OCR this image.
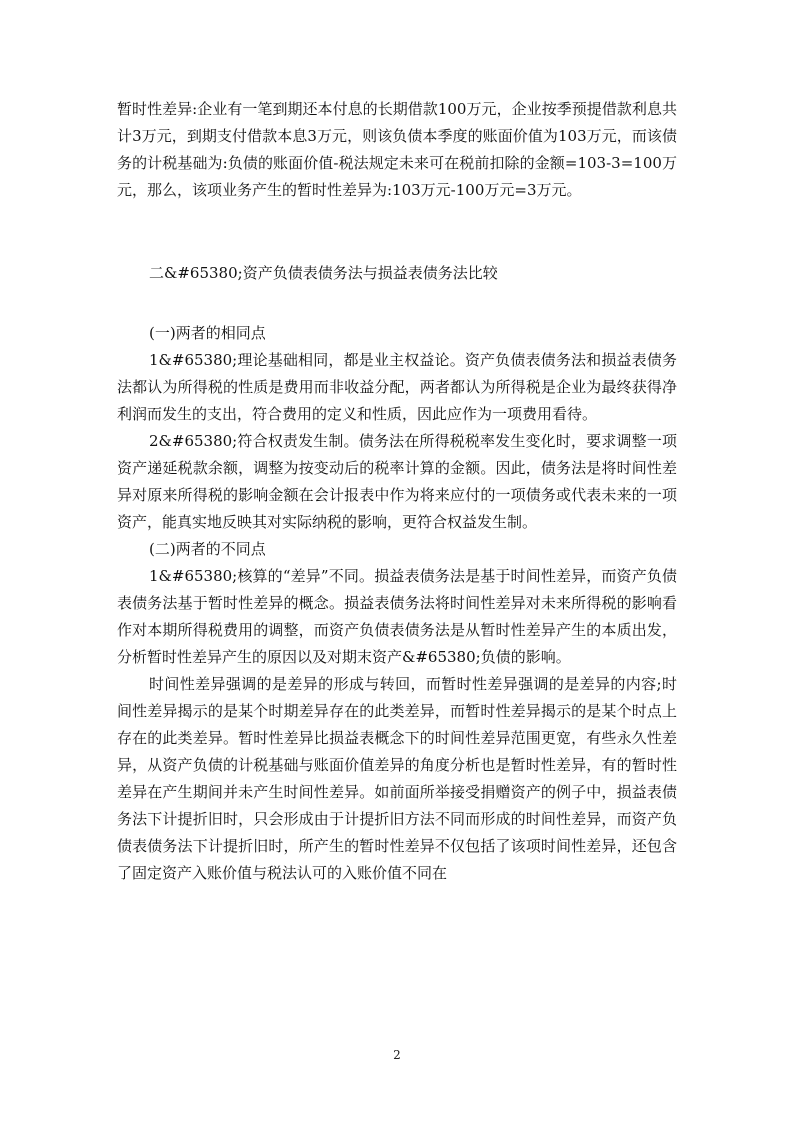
暂时性差异:企业有一笔到期还本付息的长期借款100万元，企业按季预提借款利息共计3万元，到期支付借款本息3万元，则该负债本季度的账面价值为103万元，而该债务的计税基础为:负债的账面价值-税法规定未来可在税前扣除的金额=103-3=100万元，那么，该项业务产生的暂时性差异为:103万元-100万元=3万元。

二&#65380;资产负债表债务法与损益表债务法比较

(一)两者的相同点

1&#65380;理论基础相同，都是业主权益论。资产负债表债务法和损益表债务法都认为所得税的性质是费用而非收益分配，两者都认为所得税是企业为最终获得净利润而发生的支出，符合费用的定义和性质，因此应作为一项费用看待。

2&#65380;符合权责发生制。债务法在所得税税率发生变化时，要求调整一项资产递延税款余额，调整为按变动后的税率计算的金额。因此，债务法是将时间性差异对原来所得税的影响金额在会计报表中作为将来应付的一项债务或代表未来的一项资产，能真实地反映其对实际纳税的影响，更符合权益发生制。

(二)两者的不同点

1&#65380;核算的“差异”不同。损益表债务法是基于时间性差异，而资产负债表债务法基于暂时性差异的概念。损益表债务法将时间性差异对未来所得税的影响看作对本期所得税费用的调整，而资产负债表债务法是从暂时性差异产生的本质出发，分析暂时性差异产生的原因以及对期末资产&#65380;负债的影响。

时间性差异强调的是差异的形成与转回，而暂时性差异强调的是差异的内容;时间性差异揭示的是某个时期差异存在的此类差异，而暂时性差异揭示的是某个时点上存在的此类差异。暂时性差异比损益表概念下的时间性差异范围更宽，有些永久性差异，从资产负债的计税基础与账面价值差异的角度分析也是暂时性差异，有的暂时性差异在产生期间并未产生时间性差异。如前面所举接受捐赠资产的例子中，损益表债务法下计提折旧时，只会形成由于计提折旧方法不同而形成的时间性差异，而资产负债表债务法下计提折旧时，所产生的暂时性差异不仅包括了该项时间性差异，还包含了固定资产入账价值与税法认可的入账价值不同在

2
